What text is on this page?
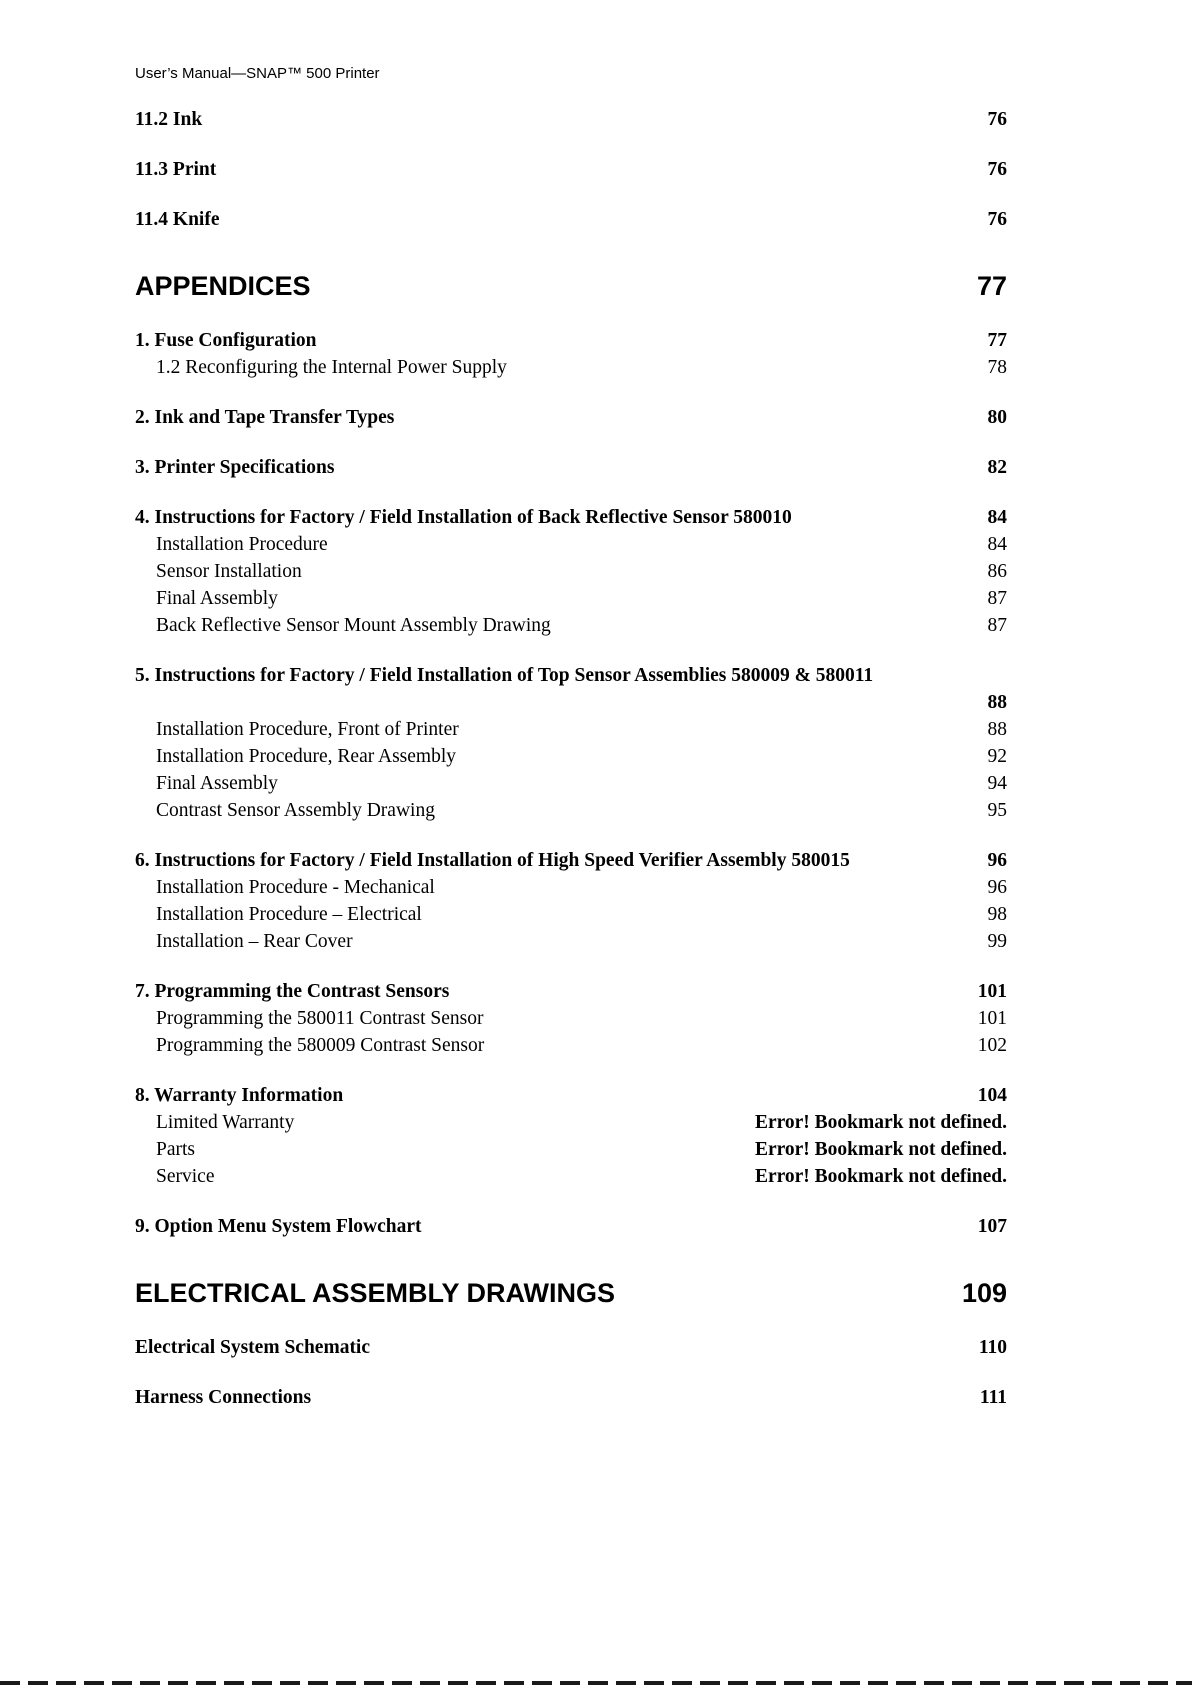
User’s Manual—SNAP™ 500 Printer
11.2 Ink	76
11.3 Print	76
11.4 Knife	76
APPENDICES	77
1. Fuse Configuration	77
1.2 Reconfiguring the Internal Power Supply	78
2. Ink and Tape Transfer Types	80
3. Printer Specifications	82
4. Instructions for Factory / Field Installation of Back Reflective Sensor 580010	84
Installation Procedure	84
Sensor Installation	86
Final Assembly	87
Back Reflective Sensor Mount Assembly Drawing	87
5. Instructions for Factory / Field Installation of Top Sensor Assemblies 580009 & 580011
88
Installation Procedure, Front of Printer	88
Installation Procedure, Rear Assembly	92
Final Assembly	94
Contrast Sensor Assembly Drawing	95
6. Instructions for Factory / Field Installation of High Speed Verifier Assembly 580015	96
Installation Procedure - Mechanical	96
Installation Procedure – Electrical	98
Installation – Rear Cover	99
7. Programming the Contrast Sensors	101
Programming the 580011 Contrast Sensor	101
Programming the 580009 Contrast Sensor	102
8. Warranty Information	104
Limited Warranty	Error! Bookmark not defined.
Parts	Error! Bookmark not defined.
Service	Error! Bookmark not defined.
9. Option Menu System Flowchart	107
ELECTRICAL ASSEMBLY DRAWINGS	109
Electrical System Schematic	110
Harness Connections	111
